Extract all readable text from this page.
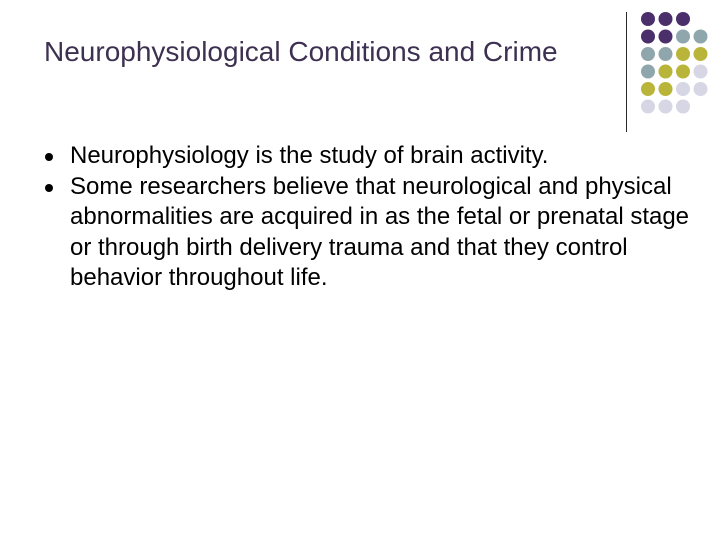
Neurophysiological Conditions and Crime
Neurophysiology is the study of brain activity.
Some researchers believe that neurological and physical abnormalities are acquired in as the fetal or prenatal stage or through birth delivery trauma and that they control behavior throughout life.
